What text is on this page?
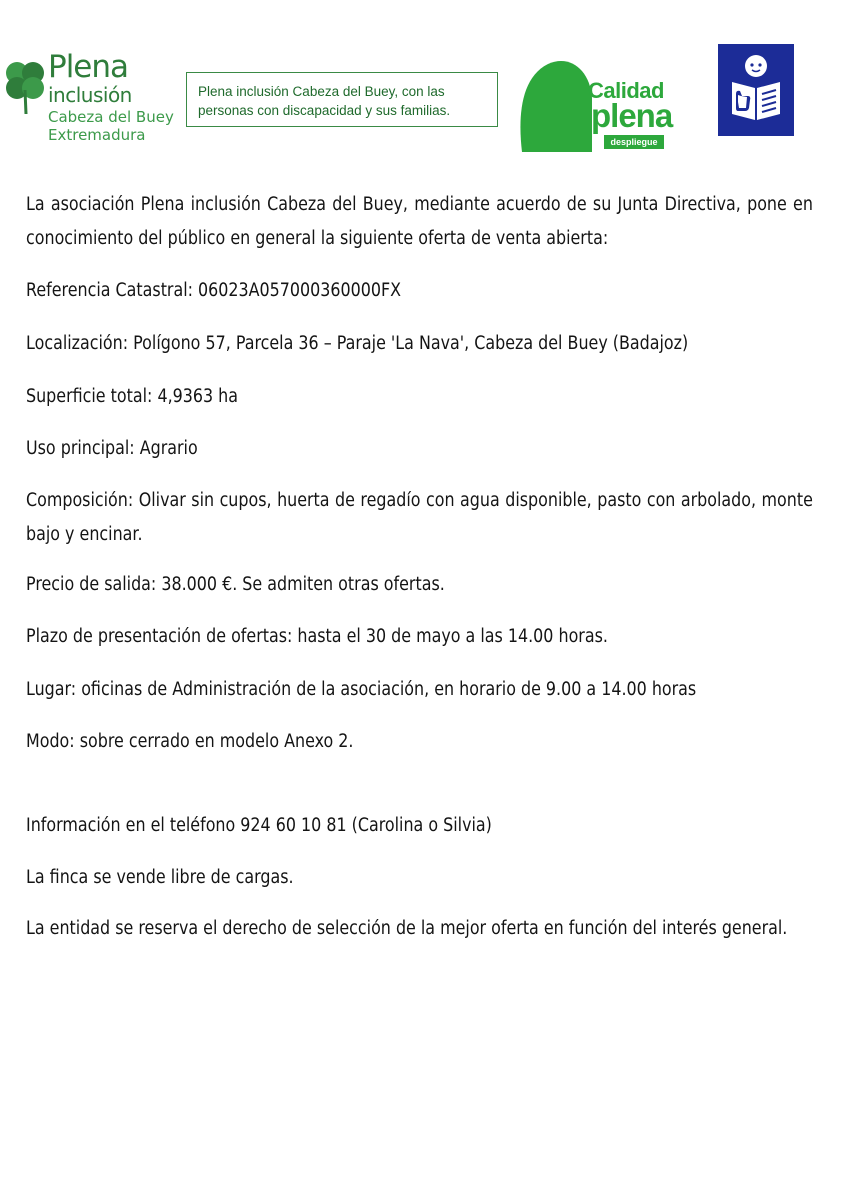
Plena
inclusión
Cabeza del Buey
Extremadura
Plena inclusión Cabeza del Buey, con las personas con discapacidad y sus familias.
Calidad
plena
despliegue

La asociación Plena inclusión Cabeza del Buey, mediante acuerdo de su Junta Directiva, pone en conocimiento del público en general la siguiente oferta de venta abierta:

Referencia Catastral: 06023A057000360000FX

Localización: Polígono 57, Parcela 36 – Paraje 'La Nava', Cabeza del Buey (Badajoz)

Superficie total: 4,9363 ha

Uso principal: Agrario

Composición: Olivar sin cupos, huerta de regadío con agua disponible, pasto con arbolado, monte bajo y encinar.

Precio de salida: 38.000 €. Se admiten otras ofertas.

Plazo de presentación de ofertas: hasta el 30 de mayo a las 14.00 horas.

Lugar: oficinas de Administración de la asociación, en horario de 9.00 a 14.00 horas

Modo: sobre cerrado en modelo Anexo 2.

Información en el teléfono 924 60 10 81 (Carolina o Silvia)

La finca se vende libre de cargas.

La entidad se reserva el derecho de selección de la mejor oferta en función del interés general.
